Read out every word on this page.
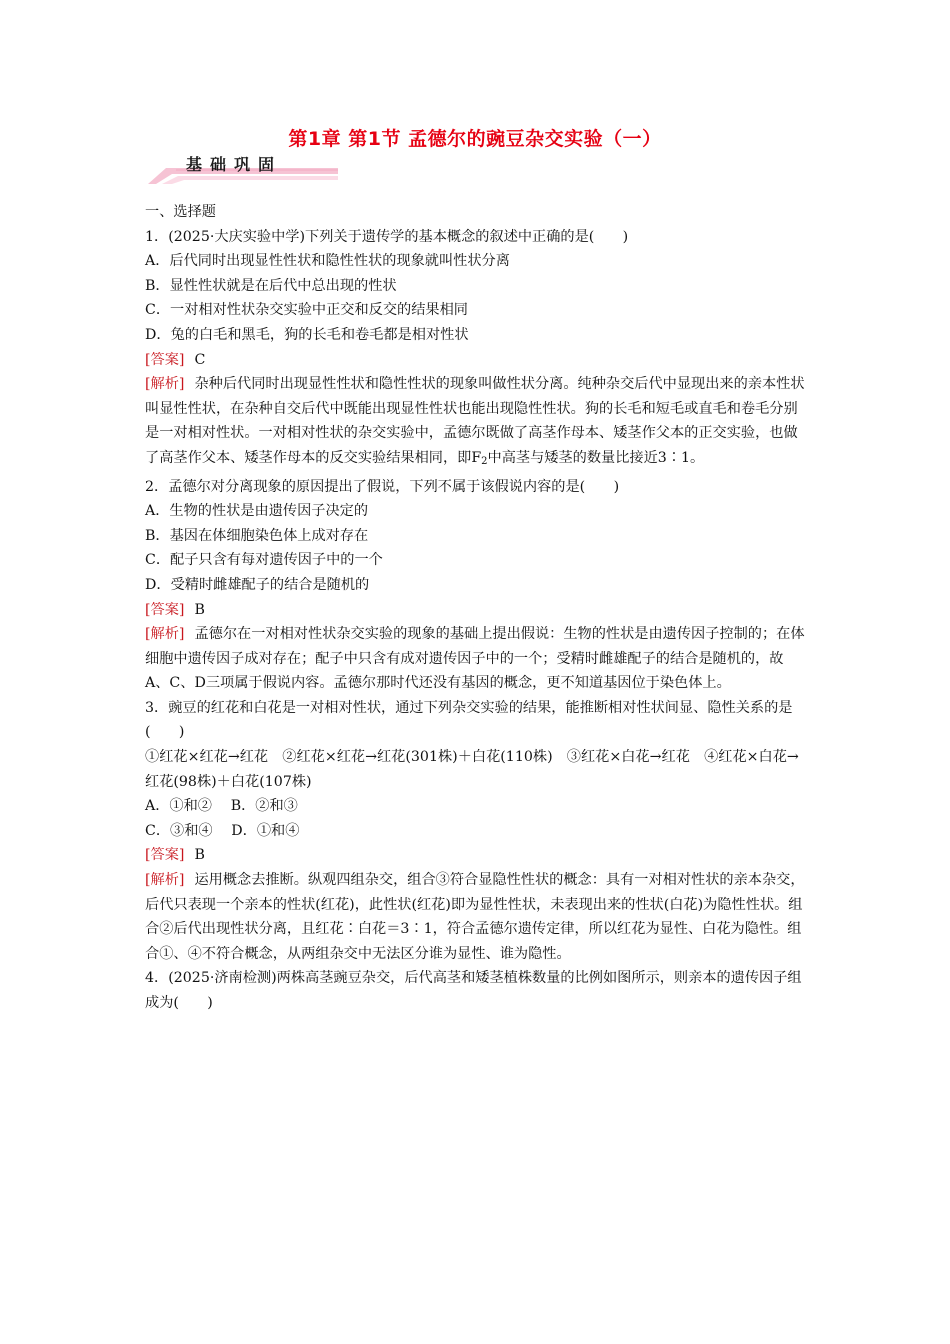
第1章 第1节 孟德尔的豌豆杂交实验（一）
基础巩固

一、选择题

1．(2025·大庆实验中学)下列关于遗传学的基本概念的叙述中正确的是(　　)

A．后代同时出现显性性状和隐性性状的现象就叫性状分离

B．显性性状就是在后代中总出现的性状

C．一对相对性状杂交实验中正交和反交的结果相同

D．兔的白毛和黑毛，狗的长毛和卷毛都是相对性状

[答案] C

[解析] 杂种后代同时出现显性性状和隐性性状的现象叫做性状分离。纯种杂交后代中显现出来的亲本性状叫显性性状，在杂种自交后代中既能出现显性性状也能出现隐性性状。狗的长毛和短毛或直毛和卷毛分别是一对相对性状。一对相对性状的杂交实验中，孟德尔既做了高茎作母本、矮茎作父本的正交实验，也做了高茎作父本、矮茎作母本的反交实验结果相同，即$F_2$中高茎与矮茎的数量比接近3∶1。

2．孟德尔对分离现象的原因提出了假说，下列不属于该假说内容的是(　　)

A．生物的性状是由遗传因子决定的

B．基因在体细胞染色体上成对存在

C．配子只含有每对遗传因子中的一个

D．受精时雌雄配子的结合是随机的

[答案] B

[解析] 孟德尔在一对相对性状杂交实验的现象的基础上提出假说：生物的性状是由遗传因子控制的；在体细胞中遗传因子成对存在；配子中只含有成对遗传因子中的一个；受精时雌雄配子的结合是随机的，故A、C、D三项属于假说内容。孟德尔那时代还没有基因的概念，更不知道基因位于染色体上。

3．豌豆的红花和白花是一对相对性状，通过下列杂交实验的结果，能推断相对性状间显、隐性关系的是(　　)

①红花×红花→红花　②红花×红花→红花(301株)＋白花(110株)　③红花×白花→红花　④红花×白花→红花(98株)＋白花(107株)

A．①和②　 B．②和③

C．③和④　 D．①和④

[答案] B

[解析] 运用概念去推断。纵观四组杂交，组合③符合显隐性性状的概念：具有一对相对性状的亲本杂交，后代只表现一个亲本的性状(红花)，此性状(红花)即为显性性状，未表现出来的性状(白花)为隐性性状。组合②后代出现性状分离，且红花∶白花＝3∶1，符合孟德尔遗传定律，所以红花为显性、白花为隐性。组合①、④不符合概念，从两组杂交中无法区分谁为显性、谁为隐性。

4．(2025·济南检测)两株高茎豌豆杂交，后代高茎和矮茎植株数量的比例如图所示，则亲本的遗传因子组成为(　　)
